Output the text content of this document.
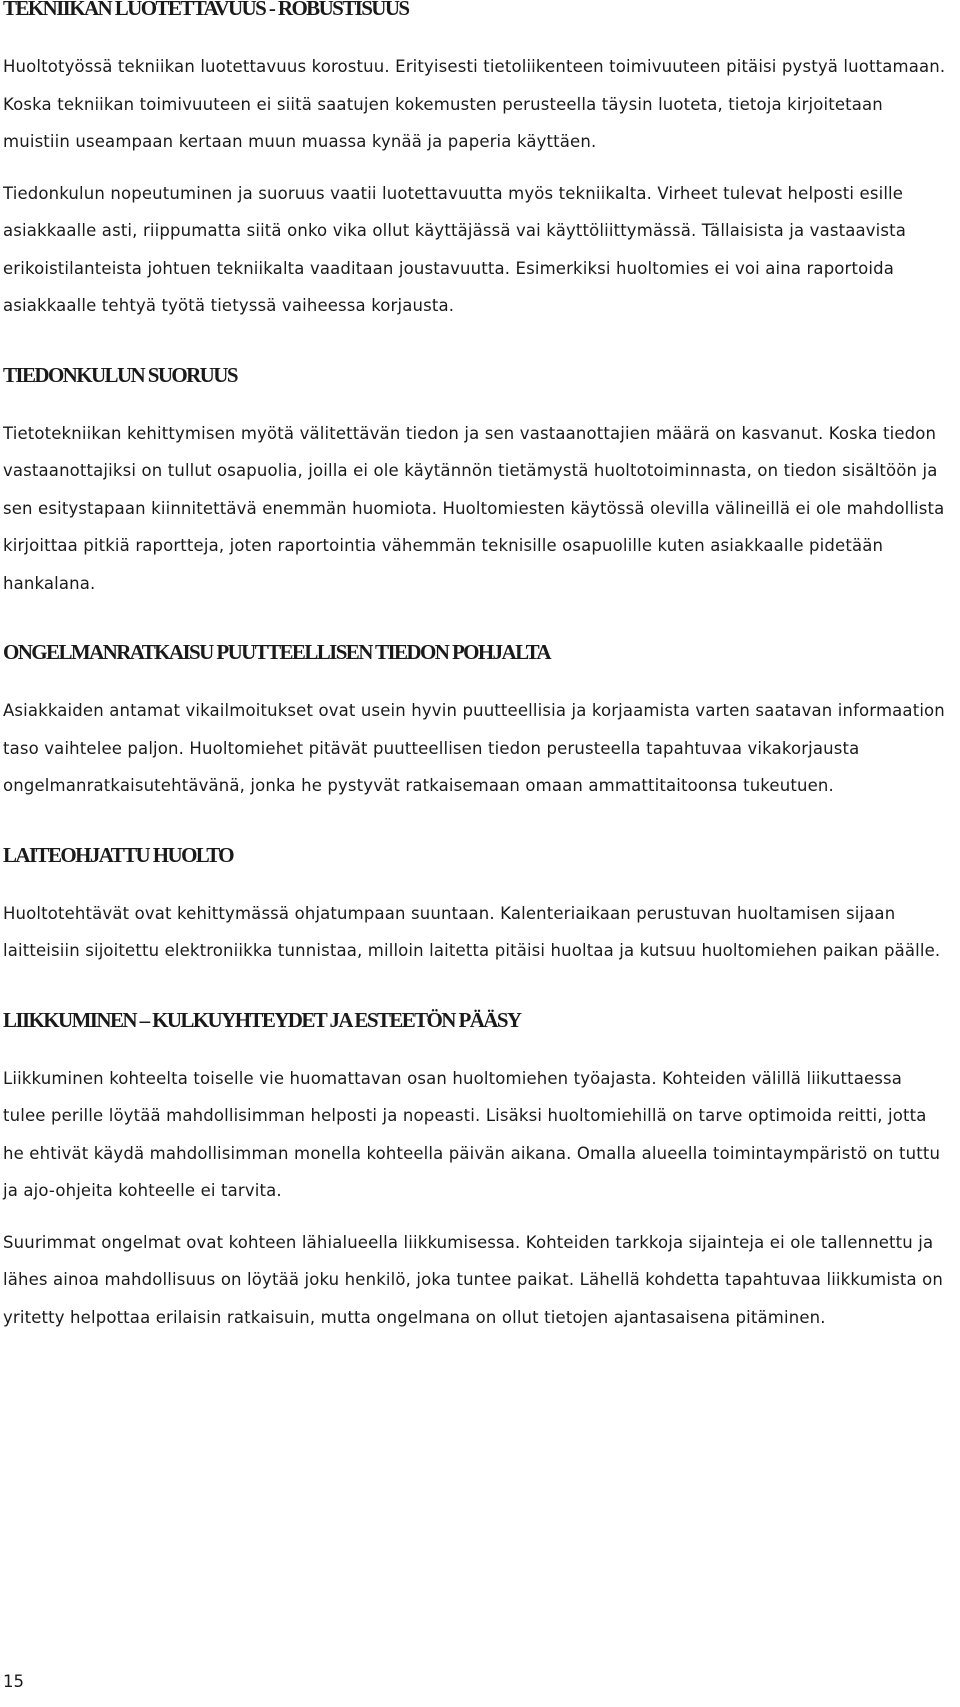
TEKNIIKAN LUOTETTAVUUS - ROBUSTISUUS

Huoltotyössä tekniikan luotettavuus korostuu. Erityisesti tietoliikenteen toimivuuteen pitäisi pystyä luottamaan. Koska tekniikan toimivuuteen ei siitä saatujen kokemusten perusteella täysin luoteta, tietoja kirjoitetaan muistiin useampaan kertaan muun muassa kynää ja paperia käyttäen.

Tiedonkulun nopeutuminen ja suoruus vaatii luotettavuutta myös tekniikalta. Virheet tulevat helposti esille asiakkaalle asti, riippumatta siitä onko vika ollut käyttäjässä vai käyttöliittymässä. Tällaisista ja vastaavista erikoistilanteista johtuen tekniikalta vaaditaan joustavuutta. Esimerkiksi huoltomies ei voi aina raportoida asiakkaalle tehtyä työtä tietyssä vaiheessa korjausta.

TIEDONKULUN SUORUUS

Tietotekniikan kehittymisen myötä välitettävän tiedon ja sen vastaanottajien määrä on kasvanut. Koska tiedon vastaanottajiksi on tullut osapuolia, joilla ei ole käytännön tietämystä huoltotoiminnasta, on tiedon sisältöön ja sen esitystapaan kiinnitettävä enemmän huomiota. Huoltomiesten käytössä olevilla välineillä ei ole mahdollista kirjoittaa pitkiä raportteja, joten raportointia vähemmän teknisille osapuolille kuten asiakkaalle pidetään hankalana.

ONGELMANRATKAISU PUUTTEELLISEN TIEDON POHJALTA

Asiakkaiden antamat vikailmoitukset ovat usein hyvin puutteellisia ja korjaamista varten saatavan informaation taso vaihtelee paljon. Huoltomiehet pitävät puutteellisen tiedon perusteella tapahtuvaa vikakorjausta ongelmanratkaisutehtävänä, jonka he pystyvät ratkaisemaan omaan ammattitaitoonsa tukeutuen.

LAITEOHJATTU HUOLTO

Huoltotehtävät ovat kehittymässä ohjatumpaan suuntaan. Kalenteriaikaan perustuvan huoltamisen sijaan laitteisiin sijoitettu elektroniikka tunnistaa, milloin laitetta pitäisi huoltaa ja kutsuu huoltomiehen paikan päälle.

LIIKKUMINEN – KULKUYHTEYDET JA ESTEETÖN PÄÄSY

Liikkuminen kohteelta toiselle vie huomattavan osan huoltomiehen työajasta. Kohteiden välillä liikuttaessa tulee perille löytää mahdollisimman helposti ja nopeasti. Lisäksi huoltomiehillä on tarve optimoida reitti, jotta he ehtivät käydä mahdollisimman monella kohteella päivän aikana. Omalla alueella toimintaympäristö on tuttu ja ajo-ohjeita kohteelle ei tarvita.

Suurimmat ongelmat ovat kohteen lähialueella liikkumisessa. Kohteiden tarkkoja sijainteja ei ole tallennettu ja lähes ainoa mahdollisuus on löytää joku henkilö, joka tuntee paikat. Lähellä kohdetta tapahtuvaa liikkumista on yritetty helpottaa erilaisin ratkaisuin, mutta ongelmana on ollut tietojen ajantasaisena pitäminen.

15
